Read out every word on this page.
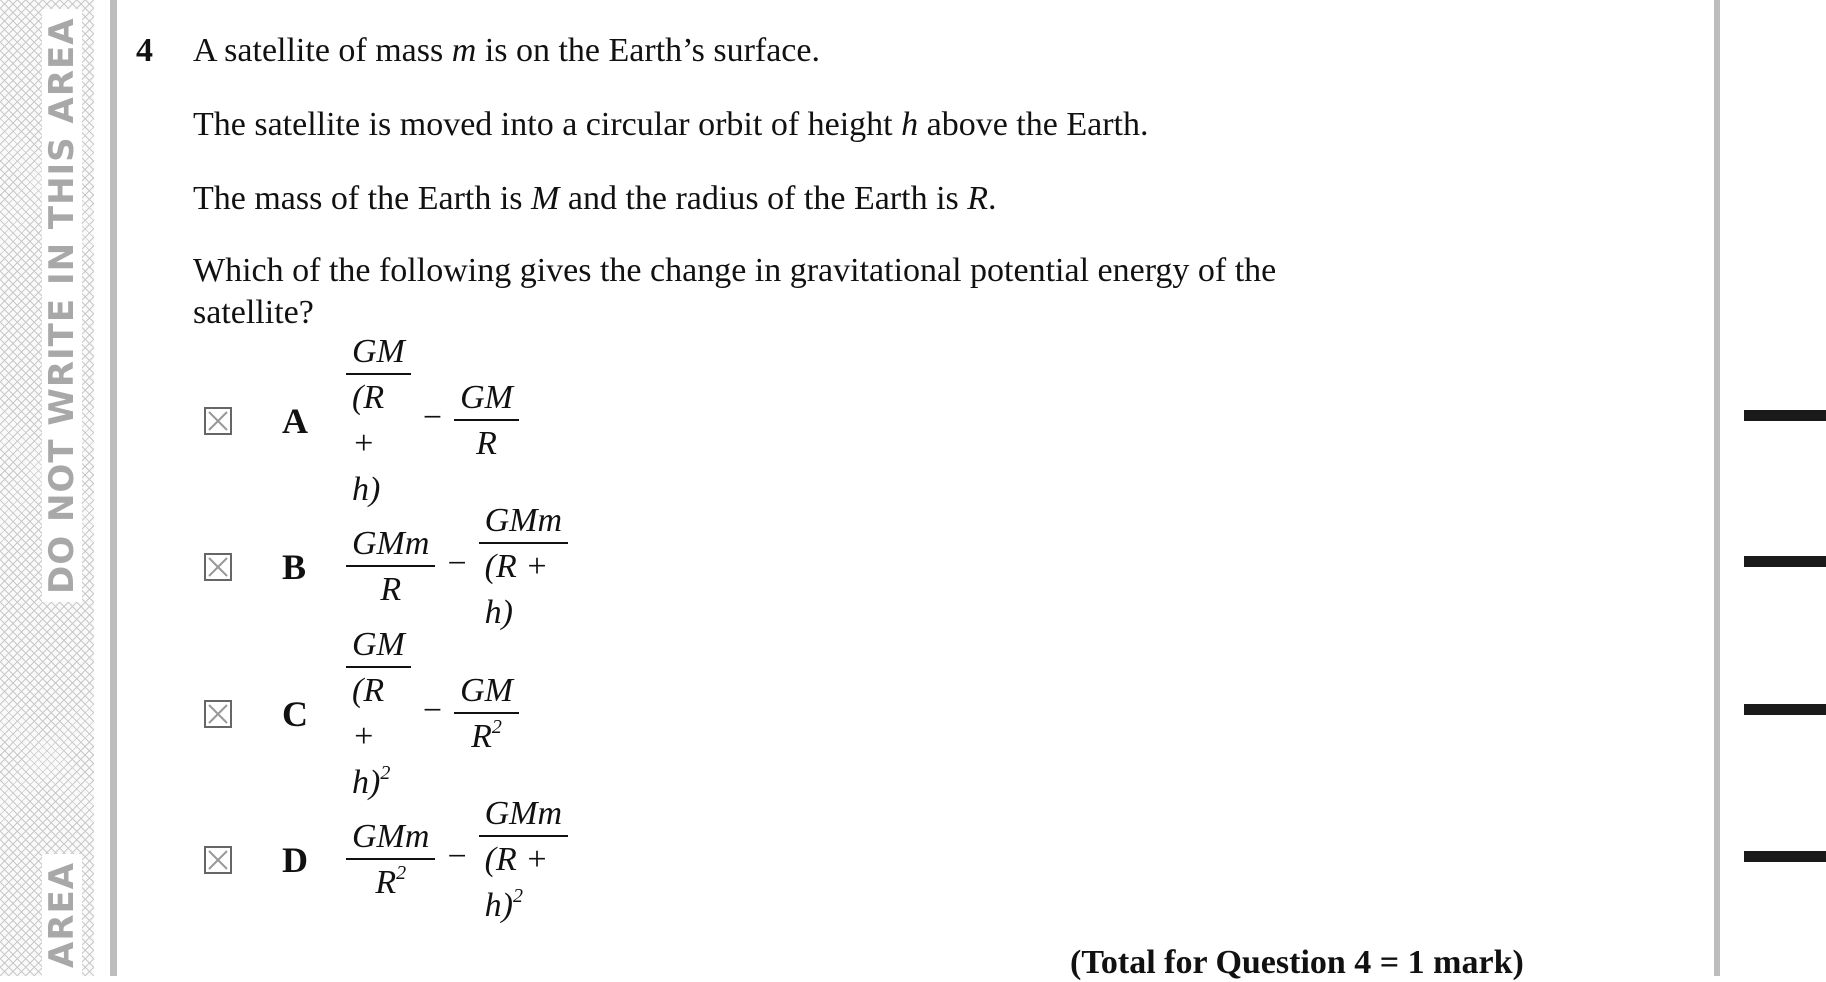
DO NOT WRITE IN THIS AREA
AREA
4 A satellite of mass m is on the Earth’s surface.
The satellite is moved into a circular orbit of height h above the Earth.
The mass of the Earth is M and the radius of the Earth is R.
Which of the following gives the change in gravitational potential energy of the satellite?
A $\frac{GM}{(R + h)} - \frac{GM}{R}$
B $\frac{\text{GMm}}{R} - \frac{\text{GMm}}{(R + h)}$
C $\frac{GM}{(R + h)^2} - \frac{GM}{R^2}$
D $\frac{\text{GMm}}{R^2} - \frac{\text{GMm}}{(R + h)^2}$
(Total for Question 4 = 1 mark)
